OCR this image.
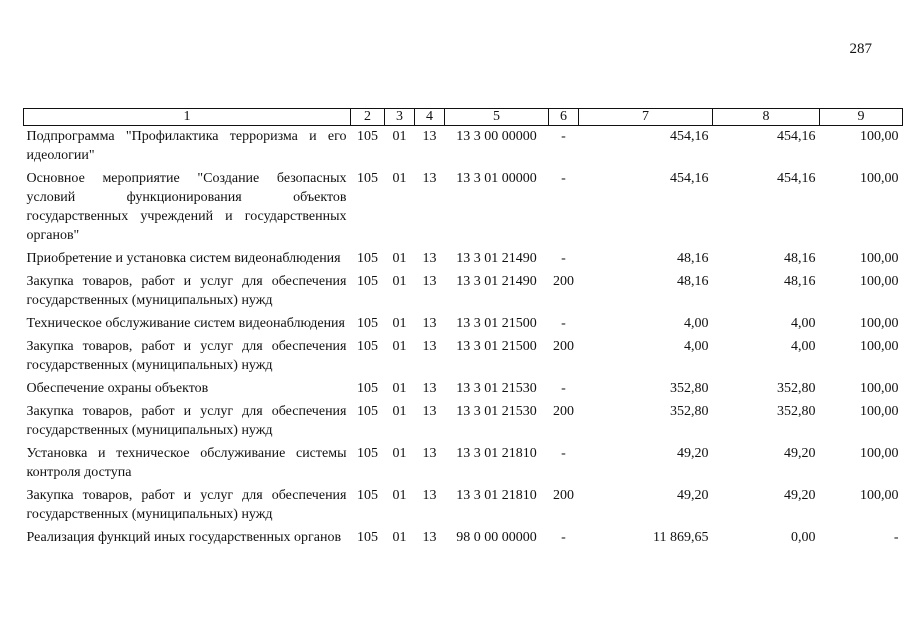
287
1	2	3	4	5	6	7	8	9
Подпрограмма "Профилактика терроризма и его идеологии"	105	01	13	13 3 00 00000	-	454,16	454,16	100,00
Основное мероприятие "Создание безопасных условий функционирования объектов государственных учреждений и государственных органов"	105	01	13	13 3 01 00000	-	454,16	454,16	100,00
Приобретение и установка систем видеонаблюдения	105	01	13	13 3 01 21490	-	48,16	48,16	100,00
Закупка товаров, работ и услуг для обеспечения государственных (муниципальных) нужд	105	01	13	13 3 01 21490	200	48,16	48,16	100,00
Техническое обслуживание систем видеонаблюдения	105	01	13	13 3 01 21500	-	4,00	4,00	100,00
Закупка товаров, работ и услуг для обеспечения государственных (муниципальных) нужд	105	01	13	13 3 01 21500	200	4,00	4,00	100,00
Обеспечение охраны объектов	105	01	13	13 3 01 21530	-	352,80	352,80	100,00
Закупка товаров, работ и услуг для обеспечения государственных (муниципальных) нужд	105	01	13	13 3 01 21530	200	352,80	352,80	100,00
Установка и техническое обслуживание системы контроля доступа	105	01	13	13 3 01 21810	-	49,20	49,20	100,00
Закупка товаров, работ и услуг для обеспечения государственных (муниципальных) нужд	105	01	13	13 3 01 21810	200	49,20	49,20	100,00
Реализация функций иных государственных органов	105	01	13	98 0 00 00000	-	11 869,65	0,00	-
